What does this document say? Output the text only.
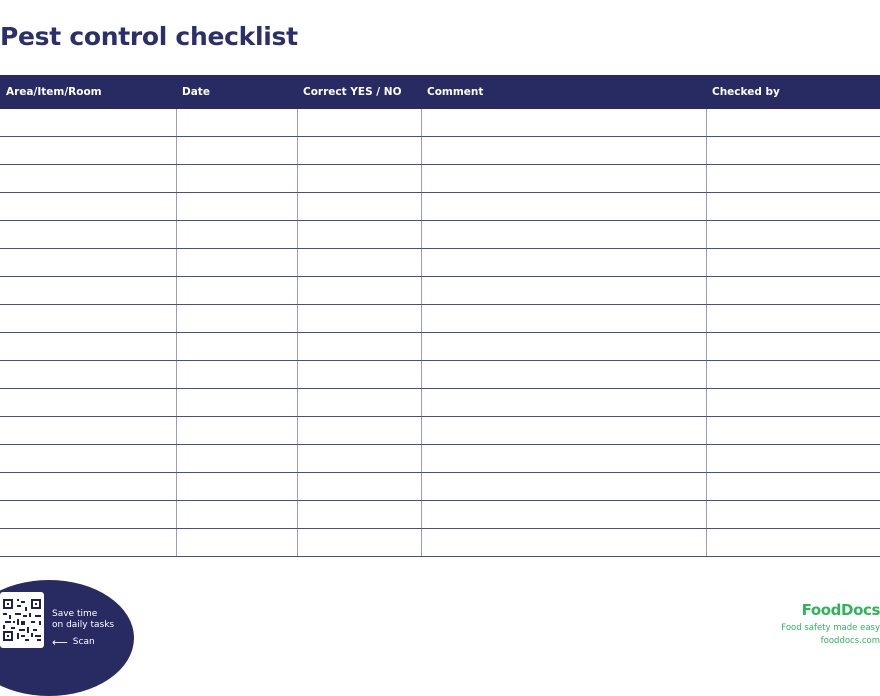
Pest control checklist
Area/Item/Room	Date	Correct YES / NO	Comment	Checked by

Save time
on daily tasks
⟵ Scan
FoodDocs
Food safety made easy
fooddocs.com
